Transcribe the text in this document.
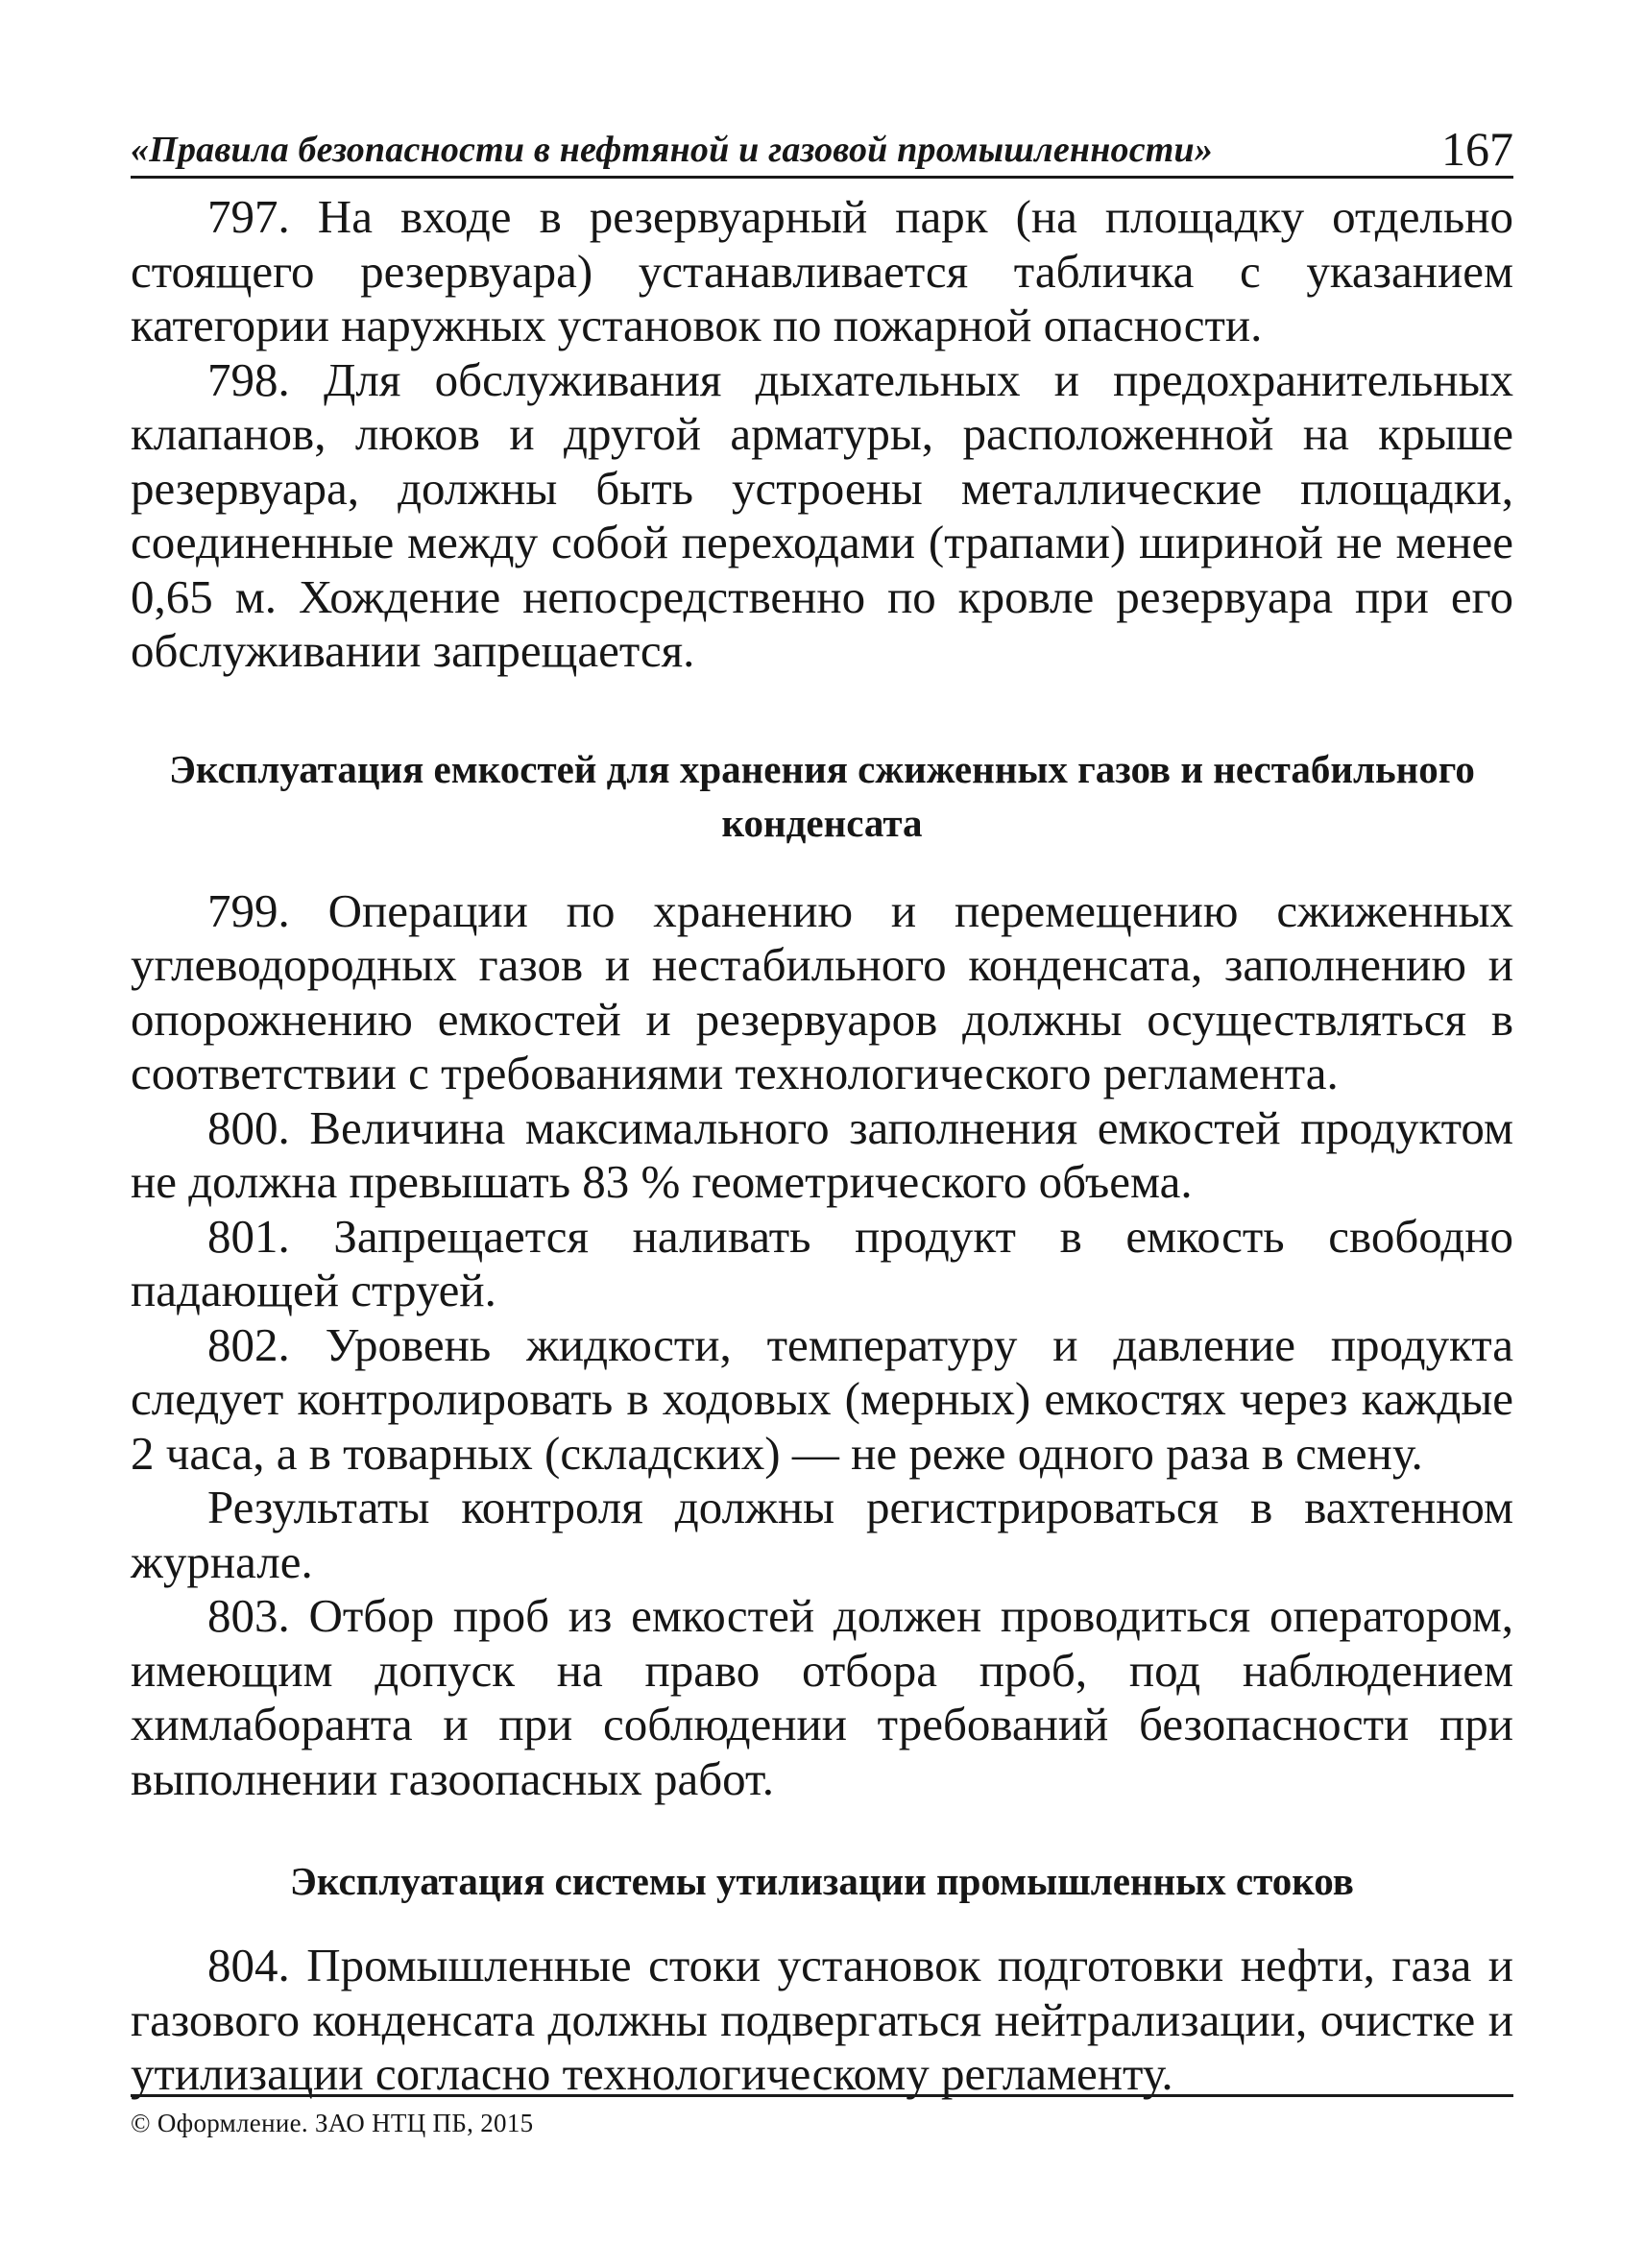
«Правила безопасности в нефтяной и газовой промышленности»	167

797. На входе в резервуарный парк (на площадку отдельно стоящего резервуара) устанавливается табличка с указанием категории наружных установок по пожарной опасности.

798. Для обслуживания дыхательных и предохранительных клапанов, люков и другой арматуры, расположенной на крыше резервуара, должны быть устроены металлические площадки, соединенные между собой переходами (трапами) шириной не менее 0,65 м. Хождение непосредственно по кровле резервуара при его обслуживании запрещается.

Эксплуатация емкостей для хранения сжиженных газов и нестабильного конденсата

799. Операции по хранению и перемещению сжиженных углеводородных газов и нестабильного конденсата, заполнению и опорожнению емкостей и резервуаров должны осуществляться в соответствии с требованиями технологического регламента.

800. Величина максимального заполнения емкостей продуктом не должна превышать 83 % геометрического объема.

801. Запрещается наливать продукт в емкость свободно падающей струей.

802. Уровень жидкости, температуру и давление продукта следует контролировать в ходовых (мерных) емкостях через каждые 2 часа, а в товарных (складских) — не реже одного раза в смену.

Результаты контроля должны регистрироваться в вахтенном журнале.

803. Отбор проб из емкостей должен проводиться оператором, имеющим допуск на право отбора проб, под наблюдением химлаборанта и при соблюдении требований безопасности при выполнении газоопасных работ.

Эксплуатация системы утилизации промышленных стоков

804. Промышленные стоки установок подготовки нефти, газа и газового конденсата должны подвергаться нейтрализации, очистке и утилизации согласно технологическому регламенту.

© Оформление. ЗАО НТЦ ПБ, 2015
